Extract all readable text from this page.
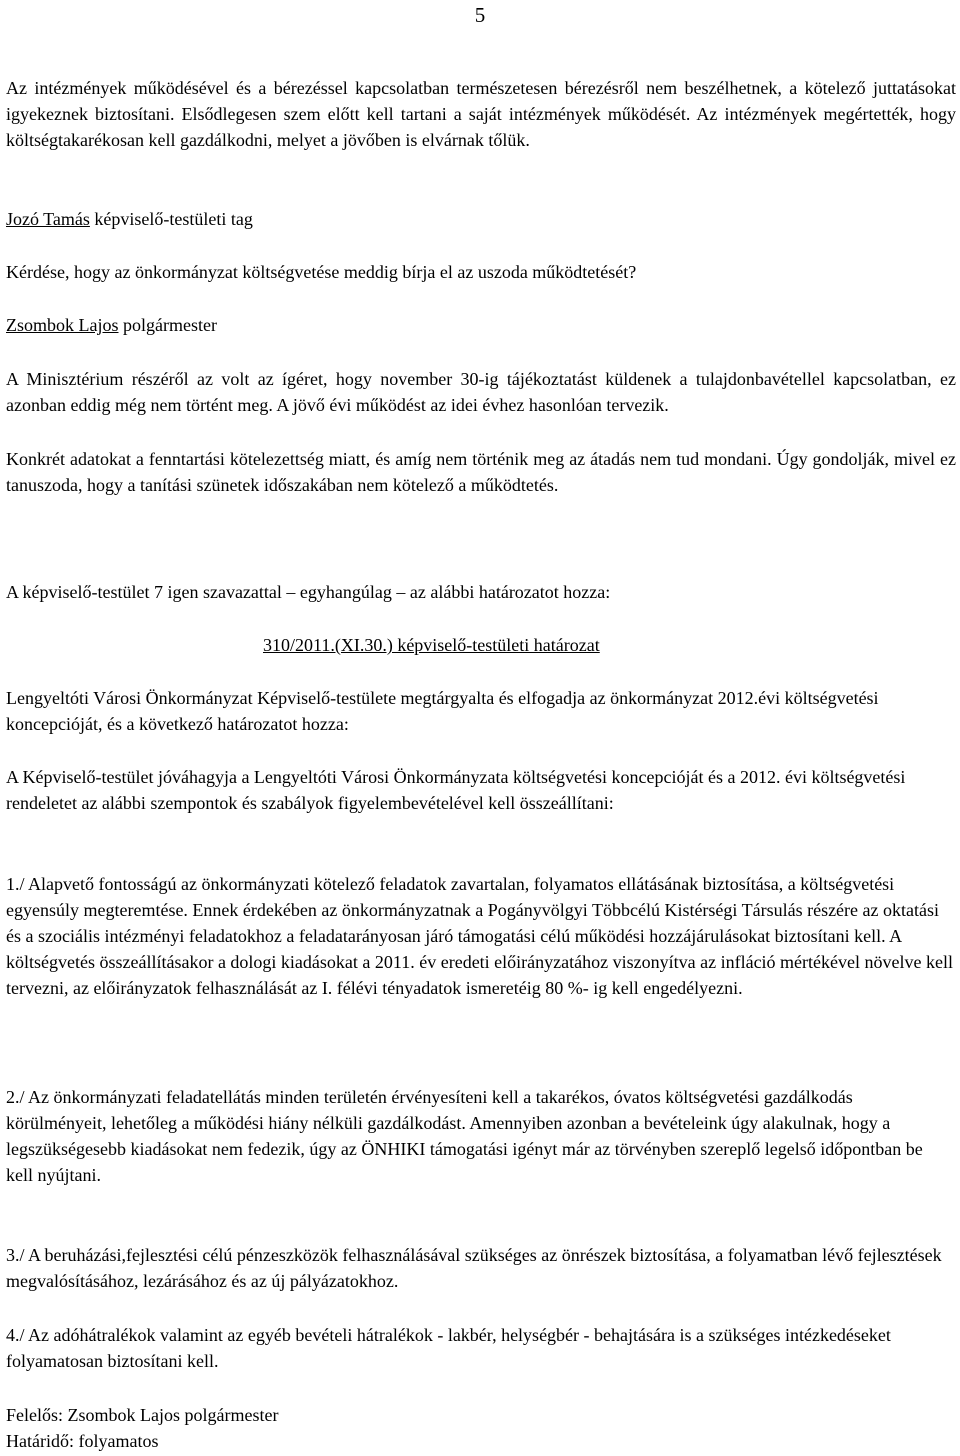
5

Az intézmények működésével és a bérezéssel kapcsolatban természetesen bérezésről nem beszélhetnek, a kötelező juttatásokat igyekeznek biztosítani. Elsődlegesen szem előtt kell tartani a saját intézmények működését. Az intézmények megértették, hogy költségtakarékosan kell gazdálkodni, melyet a jövőben is elvárnak tőlük.

Jozó Tamás képviselő-testületi tag

Kérdése, hogy az önkormányzat költségvetése meddig bírja el az uszoda működtetését?

Zsombok Lajos polgármester

A Minisztérium részéről az volt az ígéret, hogy november 30-ig tájékoztatást küldenek a tulajdonbavétellel kapcsolatban, ez azonban eddig még nem történt meg. A jövő évi működést az idei évhez hasonlóan tervezik.

Konkrét adatokat a fenntartási kötelezettség miatt, és amíg nem történik meg az átadás nem tud mondani. Úgy gondolják, mivel ez tanuszoda, hogy a tanítási szünetek időszakában nem kötelező a működtetés.

A képviselő-testület 7 igen szavazattal – egyhangúlag – az alábbi határozatot hozza:

310/2011.(XI.30.) képviselő-testületi határozat

Lengyeltóti Városi Önkormányzat Képviselő-testülete megtárgyalta és elfogadja az önkormányzat 2012.évi költségvetési koncepcióját, és a következő határozatot hozza:

A Képviselő-testület jóváhagyja a Lengyeltóti Városi Önkormányzata költségvetési koncepcióját és a 2012. évi költségvetési rendeletet az alábbi szempontok és szabályok figyelembevételével kell összeállítani:

1./ Alapvető fontosságú az önkormányzati kötelező feladatok zavartalan, folyamatos ellátásának biztosítása, a költségvetési egyensúly megteremtése. Ennek érdekében az önkormányzatnak a Pogányvölgyi Többcélú Kistérségi Társulás részére az oktatási és a szociális intézményi feladatokhoz a feladatarányosan járó támogatási célú működési hozzájárulásokat biztosítani kell. A költségvetés összeállításakor a dologi kiadásokat a 2011. év eredeti előirányzatához viszonyítva az infláció mértékével növelve kell tervezni, az előirányzatok felhasználását az I. félévi tényadatok ismeretéig 80 %- ig kell engedélyezni.

2./ Az önkormányzati feladatellátás minden területén érvényesíteni kell a takarékos, óvatos költségvetési gazdálkodás körülményeit, lehetőleg a működési hiány nélküli gazdálkodást. Amennyiben azonban a bevételeink úgy alakulnak, hogy a legszükségesebb kiadásokat nem fedezik, úgy az ÖNHIKI támogatási igényt már az törvényben szereplő legelső időpontban be kell nyújtani.

3./ A beruházási,fejlesztési célú pénzeszközök felhasználásával szükséges az önrészek biztosítása, a folyamatban lévő fejlesztések megvalósításához, lezárásához és az új pályázatokhoz.

4./ Az adóhátralékok valamint az egyéb bevételi hátralékok - lakbér, helységbér - behajtására is a szükséges intézkedéseket folyamatosan biztosítani kell.

Felelős: Zsombok Lajos polgármester

Határidő: folyamatos
